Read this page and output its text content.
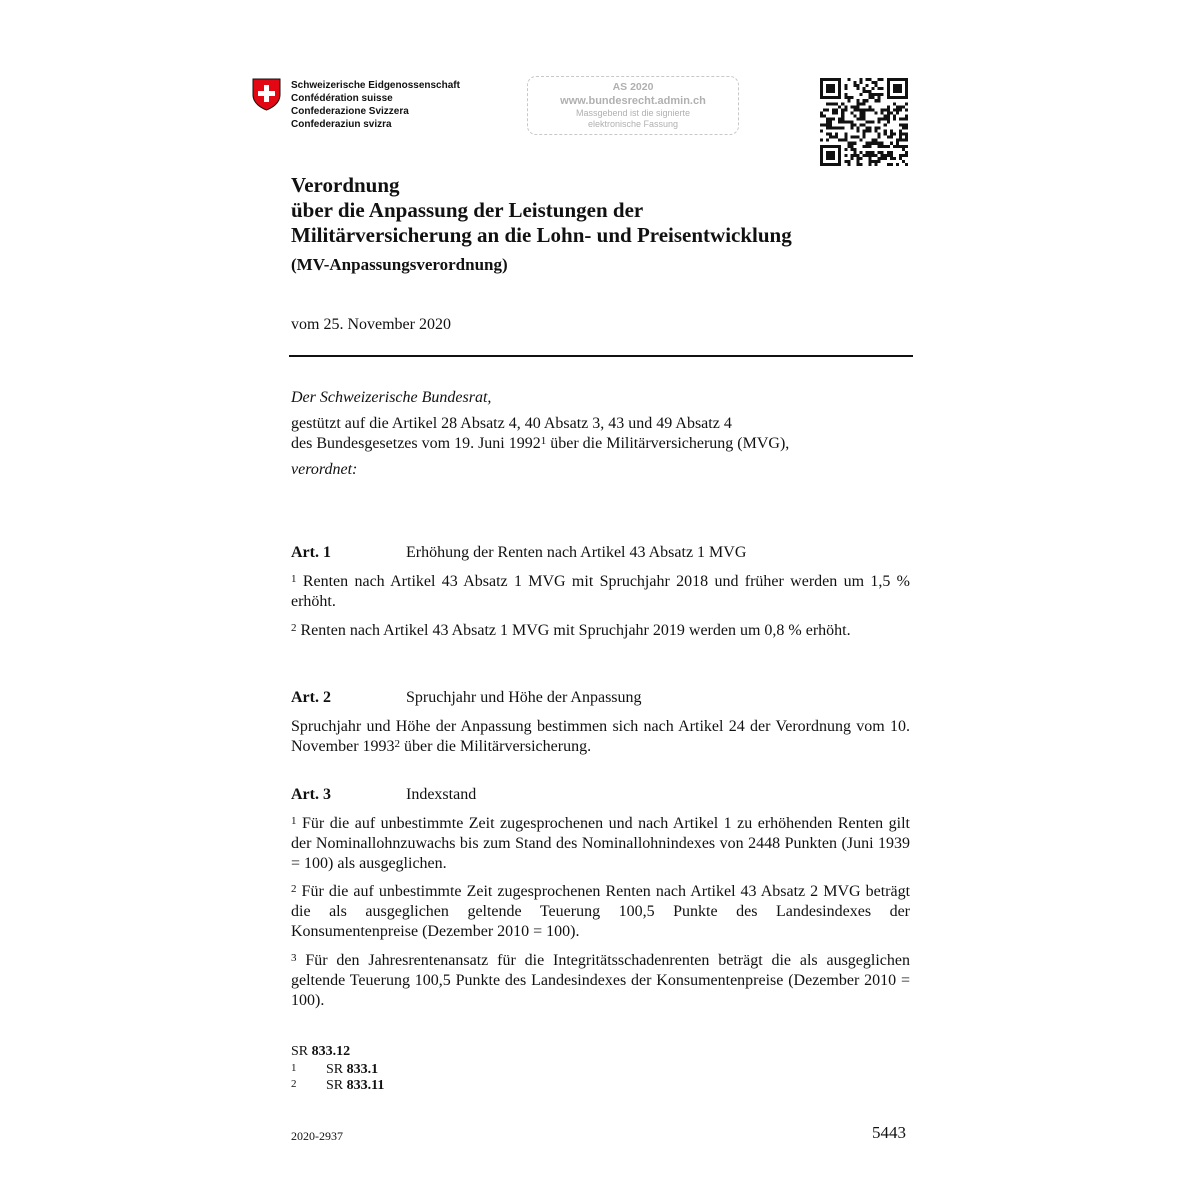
Schweizerische Eidgenossenschaft
Confédération suisse
Confederazione Svizzera
Confederaziun svizra
AS 2020
www.bundesrecht.admin.ch
Massgebend ist die signierte
elektronische Fassung
Verordnung
über die Anpassung der Leistungen der
Militärversicherung an die Lohn- und Preisentwicklung
(MV-Anpassungsverordnung)
vom 25. November 2020
Der Schweizerische Bundesrat,
gestützt auf die Artikel 28 Absatz 4, 40 Absatz 3, 43 und 49 Absatz 4
des Bundesgesetzes vom 19. Juni 1992$^1$ über die Militärversicherung (MVG),
verordnet:
Art. 1	Erhöhung der Renten nach Artikel 43 Absatz 1 MVG
$^1$ Renten nach Artikel 43 Absatz 1 MVG mit Spruchjahr 2018 und früher werden um 1,5 % erhöht.
$^2$ Renten nach Artikel 43 Absatz 1 MVG mit Spruchjahr 2019 werden um 0,8 % erhöht.
Art. 2	Spruchjahr und Höhe der Anpassung
Spruchjahr und Höhe der Anpassung bestimmen sich nach Artikel 24 der Verordnung vom 10. November 1993$^2$ über die Militärversicherung.
Art. 3	Indexstand
$^1$ Für die auf unbestimmte Zeit zugesprochenen und nach Artikel 1 zu erhöhenden Renten gilt der Nominallohnzuwachs bis zum Stand des Nominallohnindexes von 2448 Punkten (Juni 1939 = 100) als ausgeglichen.
$^2$ Für die auf unbestimmte Zeit zugesprochenen Renten nach Artikel 43 Absatz 2 MVG beträgt die als ausgeglichen geltende Teuerung 100,5 Punkte des Landesindexes der Konsumentenpreise (Dezember 2010 = 100).
$^3$ Für den Jahresrentenansatz für die Integritätsschadenrenten beträgt die als ausgeglichen geltende Teuerung 100,5 Punkte des Landesindexes der Konsumentenpreise (Dezember 2010 = 100).
SR 833.12
1 SR 833.1
2 SR 833.11
2020-2937	5443
